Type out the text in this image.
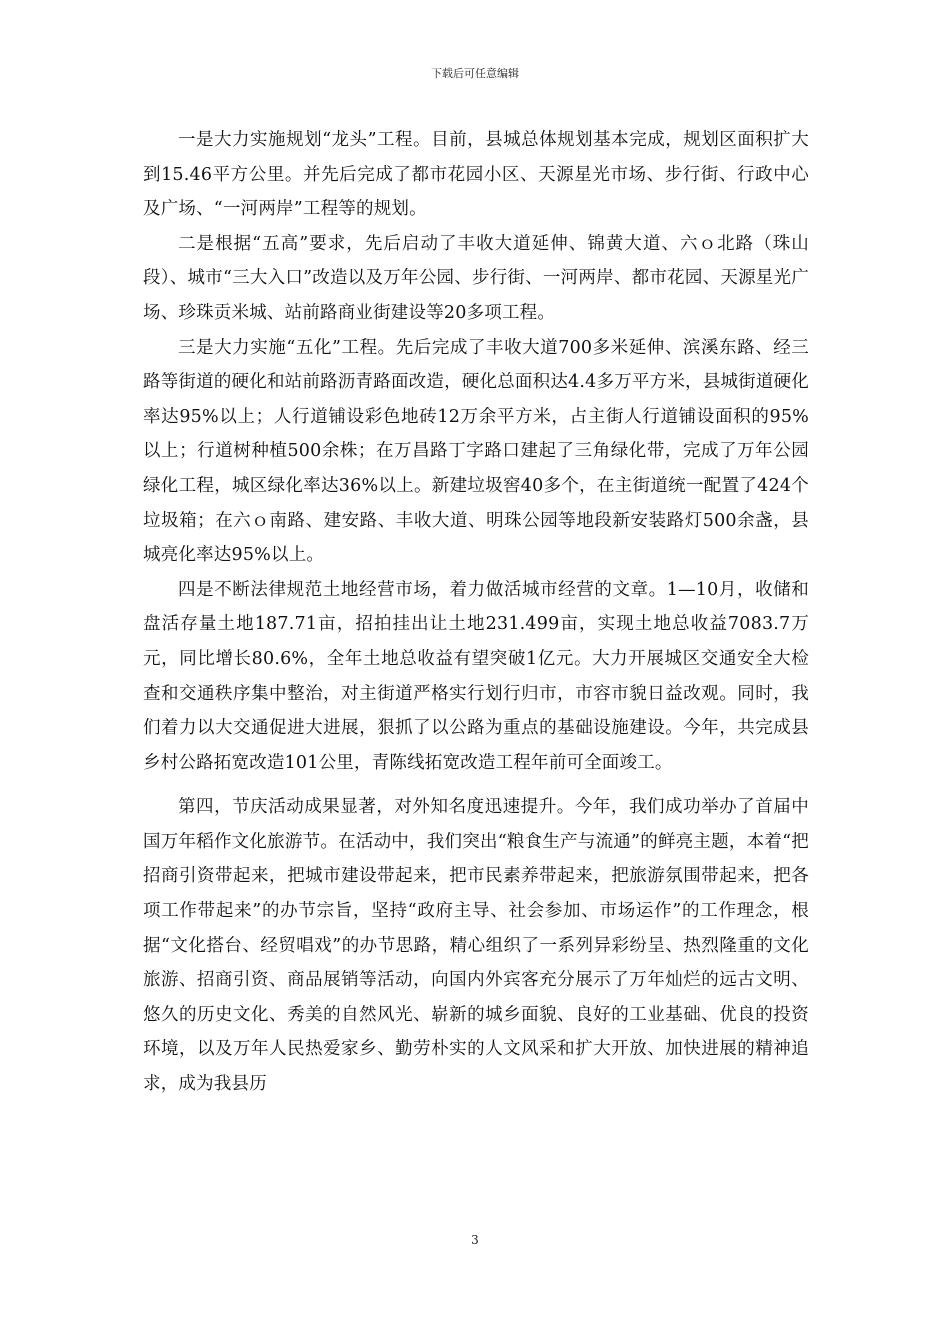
下载后可任意编辑

一是大力实施规划“龙头”工程。目前，县城总体规划基本完成，规划区面积扩大到15.46平方公里。并先后完成了都市花园小区、天源星光市场、步行街、行政中心及广场、“一河两岸”工程等的规划。

二是根据“五高”要求，先后启动了丰收大道延伸、锦黄大道、六ｏ北路（珠山段）、城市“三大入口”改造以及万年公园、步行街、一河两岸、都市花园、天源星光广场、珍珠贡米城、站前路商业街建设等20多项工程。

三是大力实施“五化”工程。先后完成了丰收大道700多米延伸、滨溪东路、经三路等街道的硬化和站前路沥青路面改造，硬化总面积达4.4多万平方米，县城街道硬化率达95%以上；人行道铺设彩色地砖12万余平方米，占主街人行道铺设面积的95%以上；行道树种植500余株；在万昌路丁字路口建起了三角绿化带，完成了万年公园绿化工程，城区绿化率达36%以上。新建垃圾窖40多个，在主街道统一配置了424个垃圾箱；在六ｏ南路、建安路、丰收大道、明珠公园等地段新安装路灯500余盏，县城亮化率达95%以上。

四是不断法律规范土地经营市场，着力做活城市经营的文章。1—10月，收储和盘活存量土地187.71亩，招拍挂出让土地231.499亩，实现土地总收益7083.7万元，同比增长80.6%，全年土地总收益有望突破1亿元。大力开展城区交通安全大检查和交通秩序集中整治，对主街道严格实行划行归市，市容市貌日益改观。同时，我们着力以大交通促进大进展，狠抓了以公路为重点的基础设施建设。今年，共完成县乡村公路拓宽改造101公里，青陈线拓宽改造工程年前可全面竣工。

第四，节庆活动成果显著，对外知名度迅速提升。今年，我们成功举办了首届中国万年稻作文化旅游节。在活动中，我们突出“粮食生产与流通”的鲜亮主题，本着“把招商引资带起来，把城市建设带起来，把市民素养带起来，把旅游氛围带起来，把各项工作带起来”的办节宗旨，坚持“政府主导、社会参加、市场运作”的工作理念，根据“文化搭台、经贸唱戏”的办节思路，精心组织了一系列异彩纷呈、热烈隆重的文化旅游、招商引资、商品展销等活动，向国内外宾客充分展示了万年灿烂的远古文明、悠久的历史文化、秀美的自然风光、崭新的城乡面貌、良好的工业基础、优良的投资环境，以及万年人民热爱家乡、勤劳朴实的人文风采和扩大开放、加快进展的精神追求，成为我县历

3
